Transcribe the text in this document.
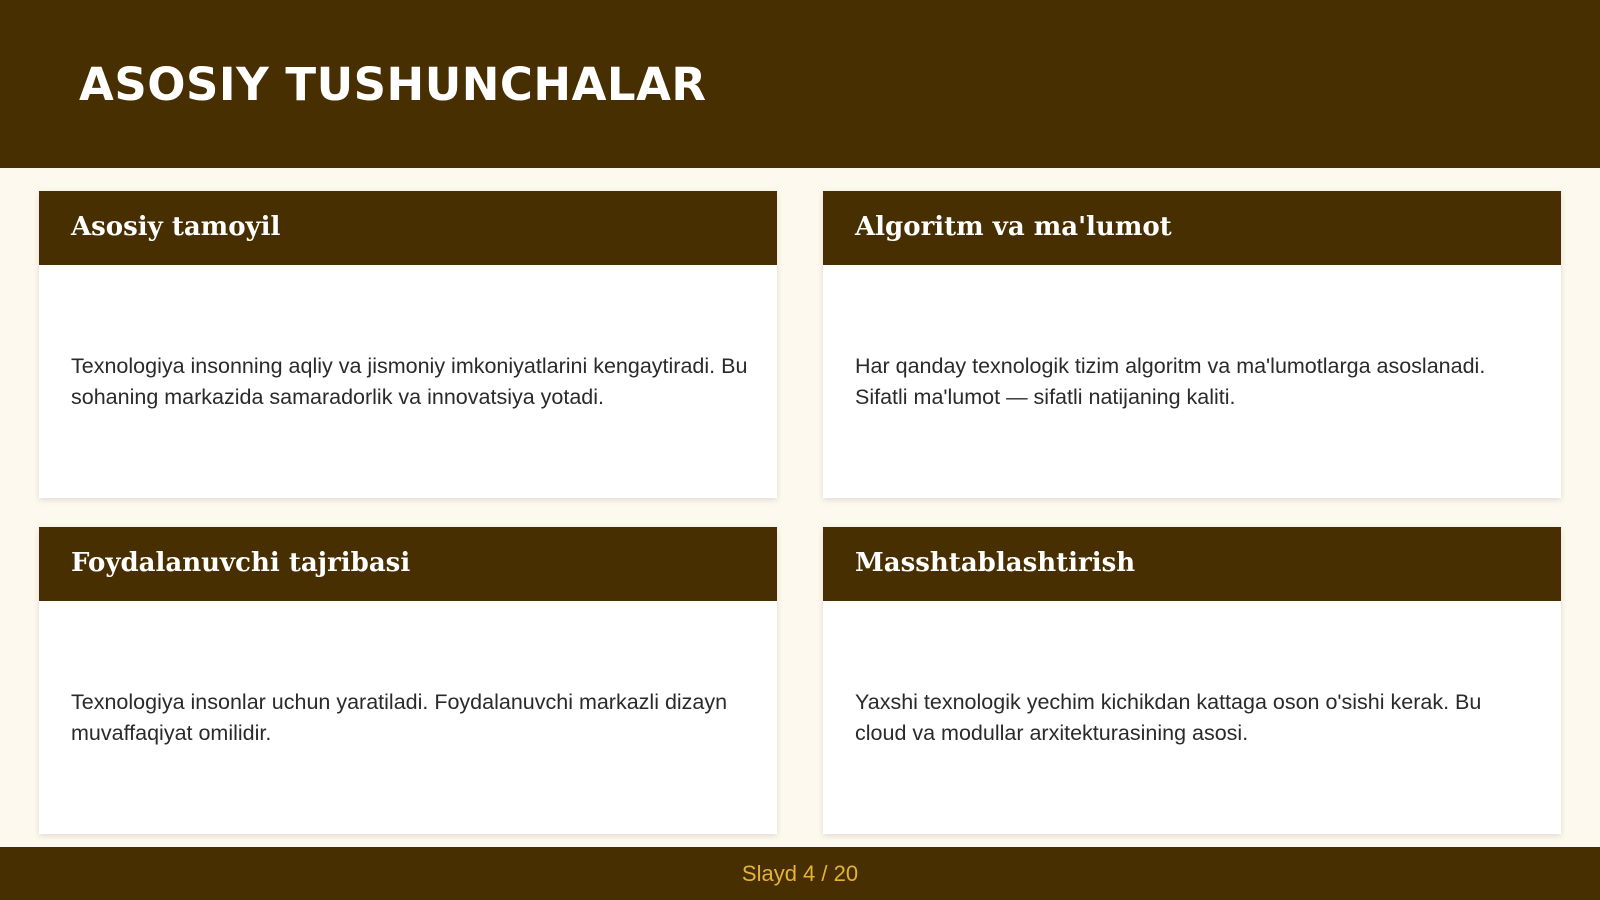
ASOSIY TUSHUNCHALAR
Asosiy tamoyil

Texnologiya insonning aqliy va jismoniy imkoniyatlarini kengaytiradi. Bu sohaning markazida samaradorlik va innovatsiya yotadi.

Algoritm va ma'lumot

Har qanday texnologik tizim algoritm va ma'lumotlarga asoslanadi. Sifatli ma'lumot — sifatli natijaning kaliti.

Foydalanuvchi tajribasi

Texnologiya insonlar uchun yaratiladi. Foydalanuvchi markazli dizayn muvaffaqiyat omilidir.

Masshtablashtirish

Yaxshi texnologik yechim kichikdan kattaga oson o'sishi kerak. Bu cloud va modullar arxitekturasining asosi.

Slayd 4 / 20
